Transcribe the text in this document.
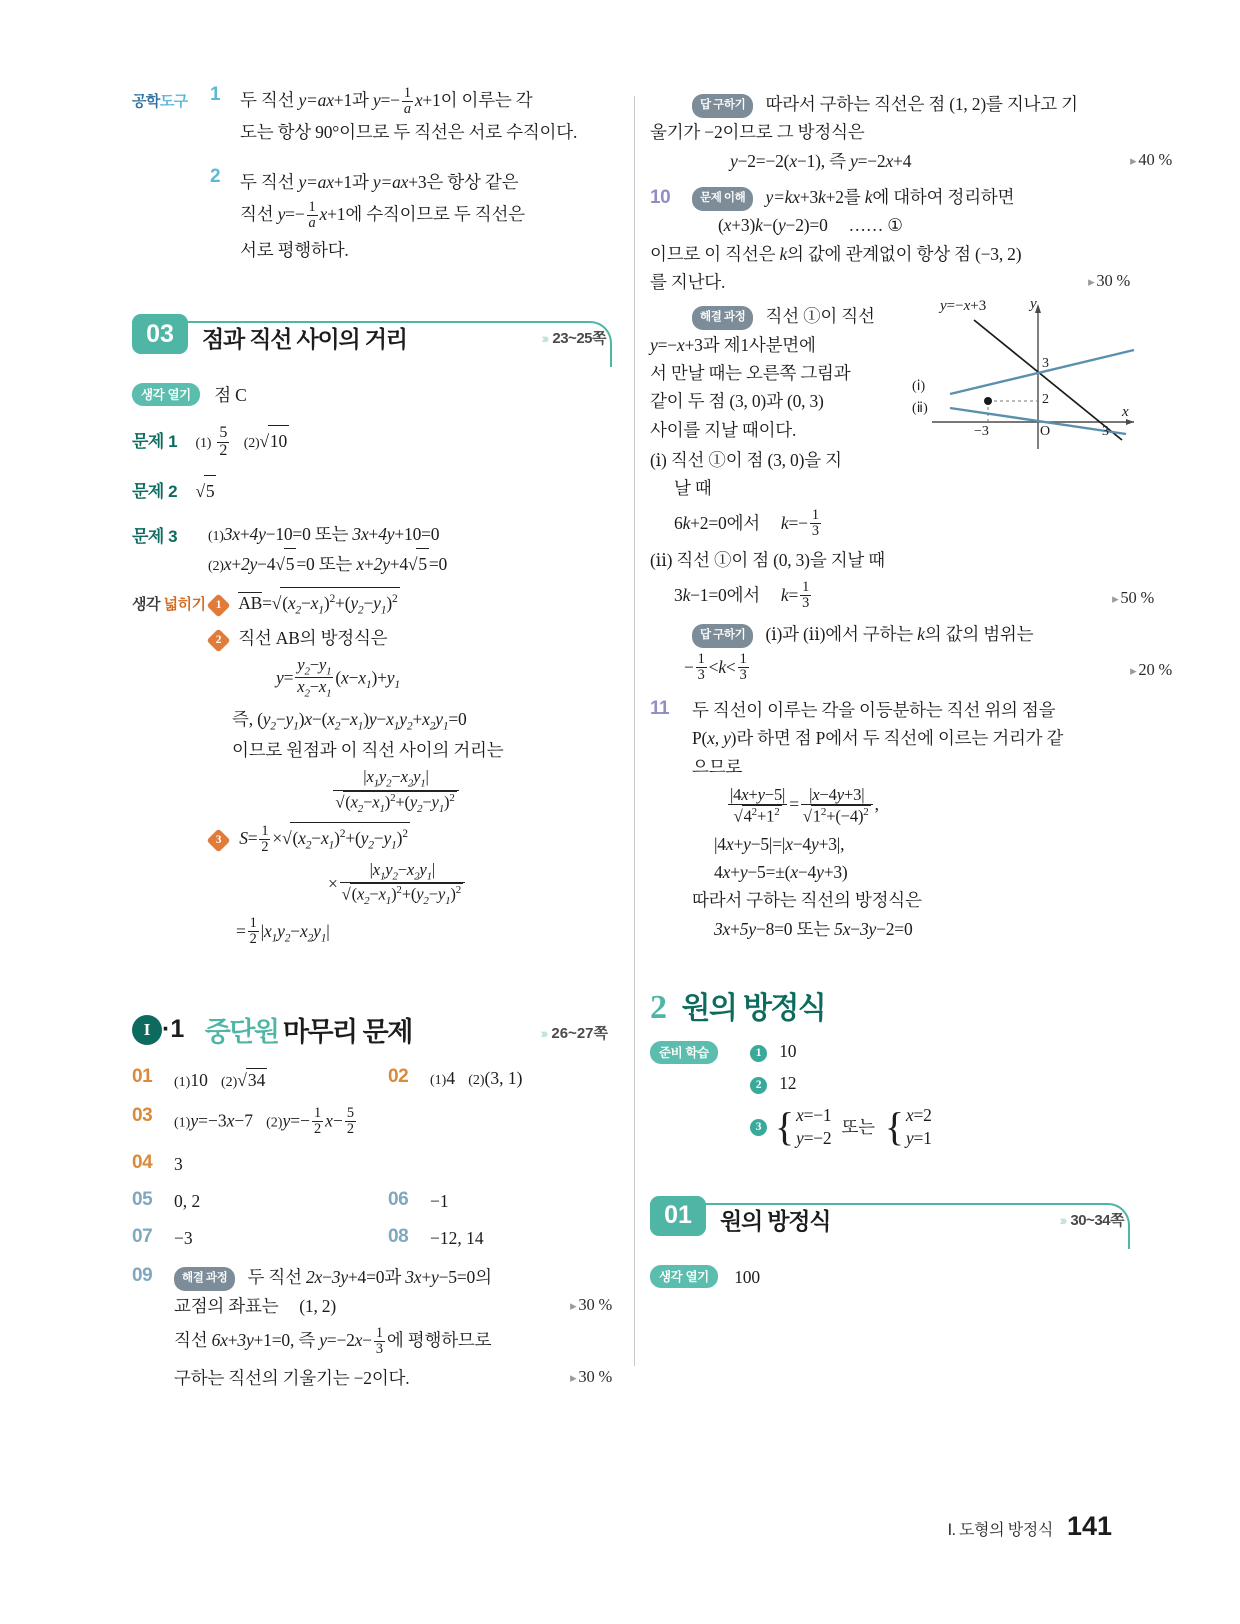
공학도구 1 두 직선 y=ax+1과 $y=- \frac{1}{a} x+1$이 이루는 각
도는 항상 90°이므로 두 직선은 서로 수직이다.
2 두 직선 y=ax+1과 y=ax+3은 항상 같은
직선 $y=- \frac{1}{a} x+1$에 수직이므로 두 직선은
서로 평행하다.
03	점과 직선 사이의 거리	››› 23~25쪽
생각 열기 점 C
문제 1 $(1) \frac{5}{2} (2)√10$
문제 2 √5
문제 3 (1)3x+4y−10=0 또는 3x+4y+10=0
(2)x+2y−4√5 =0 또는 x+2y+4√5 =0
생각 넓히기 1 $AB=√(x_2-x_1)^2+(y_2-y_1)^2$
2 직선 AB의 방정식은
$y= \frac{y_2-y_1}{x_2-x_1} (x-x_1)+y_1$
즉, $(y_2-y_1)x-(x_2-x_1)y-x_1y_2+x_2y_1=0$
이므로 원점과 이 직선 사이의 거리는
$\frac{|x_1y_2-x_2y_1|}{√(x_2-x_1)^2+(y_2-y_1)^2}$
3	$S= \frac{1}{2} \times√(x_2-x_1)^2+(y_2-y_1)^2$
× $\frac{|x_1y_2-x_2y_1|}{√(x_2-x_1)^2+(y_2-y_1)^2}$
= $\frac{1}{2} |x_1y_2-x_2y_1|$
I ·1 중단원 마무리 문제	››› 26~27쪽
01	(1)10 (2)√34	02	(1)4 (2)(3, 1)
03	(1)y=−3x−7 $(2)y=- \frac{1}{2} x- \frac{5}{2}$
04	3
05	0, 2	06	−1
07	−3	08	−12, 14
09	해결 과정 두 직선 2x−3y+4=0과 3x+y−5=0의
교점의 좌표는     (1, 2)	▸ 30 %
직선 6x+3y+1=0, 즉 $y=-2x- \frac{1}{3}$ 에 평행하므로
구하는 직선의 기울기는 −2이다.	▸ 30 %
답 구하기 따라서 구하는 직선은 점 (1, 2)를 지나고 기
울기가 −2이므로 그 방정식은
y−2=−2(x−1), 즉 y=−2x+4	▸ 40 %
10	문제 이해 y=kx+3k+2를 k에 대하여 정리하면
(x+3)k−(y−2)=0 …… ①
이므로 이 직선은 k의 값에 관계없이 항상 점 (−3, 2)
를 지난다.	▸ 30 %
해결 과정 직선 ①이 직선
y=−x+3과 제1사분면에
서 만날 때는 오른쪽 그림과
같이 두 점 (3, 0)과 (0, 3)
사이를 지날 때이다.
y=−x+3	y
x
O
−3	3
3
2
(ⅰ)
(ⅱ)
(ⅰ) 직선 ①이 점 (3, 0)을 지
날 때
6k+2=0에서     $k=- \frac{1}{3}$
(ⅱ) 직선 ①이 점 (0, 3)을 지날 때
3k−1=0에서     $k= \frac{1}{3}$	▸ 50 %
답 구하기 (ⅰ)과 (ⅱ)에서 구하는 k의 값의 범위는
− $\frac{1}{3} <k< \frac{1}{3}$	▸ 20 %
11 두 직선이 이루는 각을 이등분하는 직선 위의 점을
P(x, y)라 하면 점 P에서 두 직선에 이르는 거리가 같
으므로
$\frac{|4x+y-5|}{√4^2+1^2} = \frac{|x-4y+3|}{√1^2+(-4)^2}$ ,
|4x+y−5|=|x−4y+3|,
4x+y−5=±(x−4y+3)
따라서 구하는 직선의 방정식은
3x+5y−8=0 또는 5x−3y−2=0
2 원의 방정식
준비 학습	1 10
2 12
3 { x=−1
y=−2
또는 { x=2
y=1
01	원의 방정식	››› 30~34쪽
생각 열기 100
Ⅰ. 도형의 방정식 141
